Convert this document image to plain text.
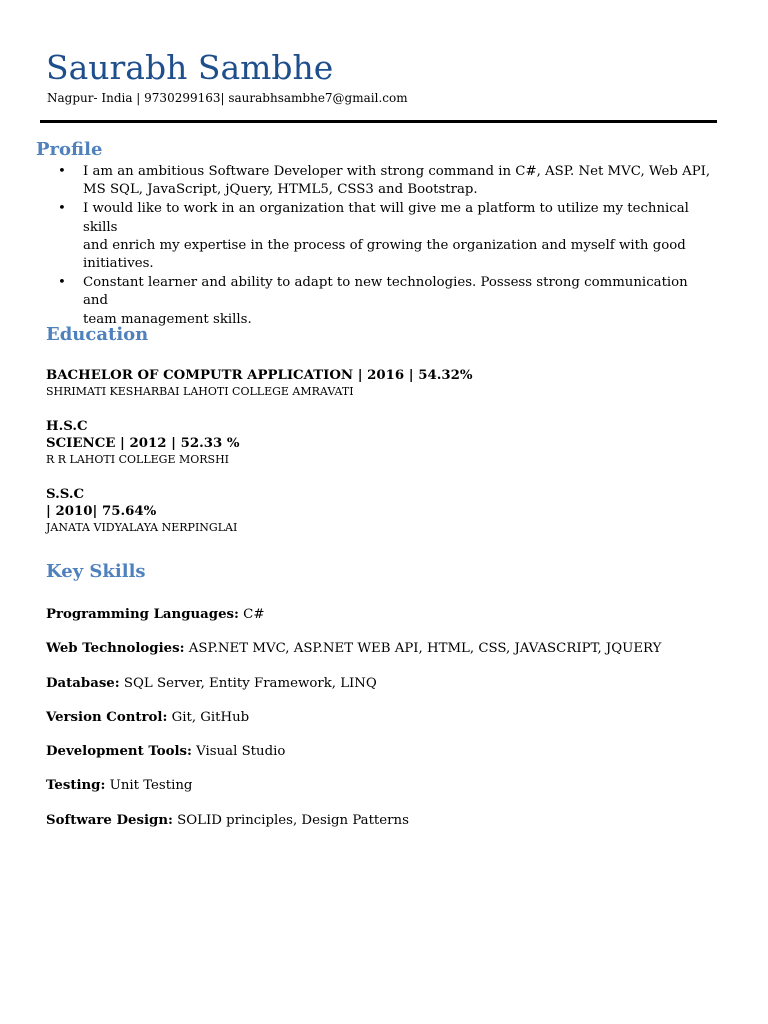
Saurabh Sambhe
Nagpur- India | 9730299163| saurabhsambhe7@gmail.com
Profile
• I am an ambitious Software Developer with strong command in C#, ASP. Net MVC, Web API,
MS SQL, JavaScript, jQuery, HTML5, CSS3 and Bootstrap.
• I would like to work in an organization that will give me a platform to utilize my technical skills
and enrich my expertise in the process of growing the organization and myself with good
initiatives.
• Constant learner and ability to adapt to new technologies. Possess strong communication and
team management skills.
Education
BACHELOR OF COMPUTR APPLICATION | 2016 | 54.32%
SHRIMATI KESHARBAI LAHOTI COLLEGE AMRAVATI
H.S.C
SCIENCE | 2012 | 52.33 %
R R LAHOTI COLLEGE MORSHI
S.S.C
| 2010| 75.64%
JANATA VIDYALAYA NERPINGLAI
Key Skills
Programming Languages: C#
Web Technologies: ASP.NET MVC, ASP.NET WEB API, HTML, CSS, JAVASCRIPT, JQUERY
Database: SQL Server, Entity Framework, LINQ
Version Control: Git, GitHub
Development Tools: Visual Studio
Testing: Unit Testing
Software Design: SOLID principles, Design Patterns
